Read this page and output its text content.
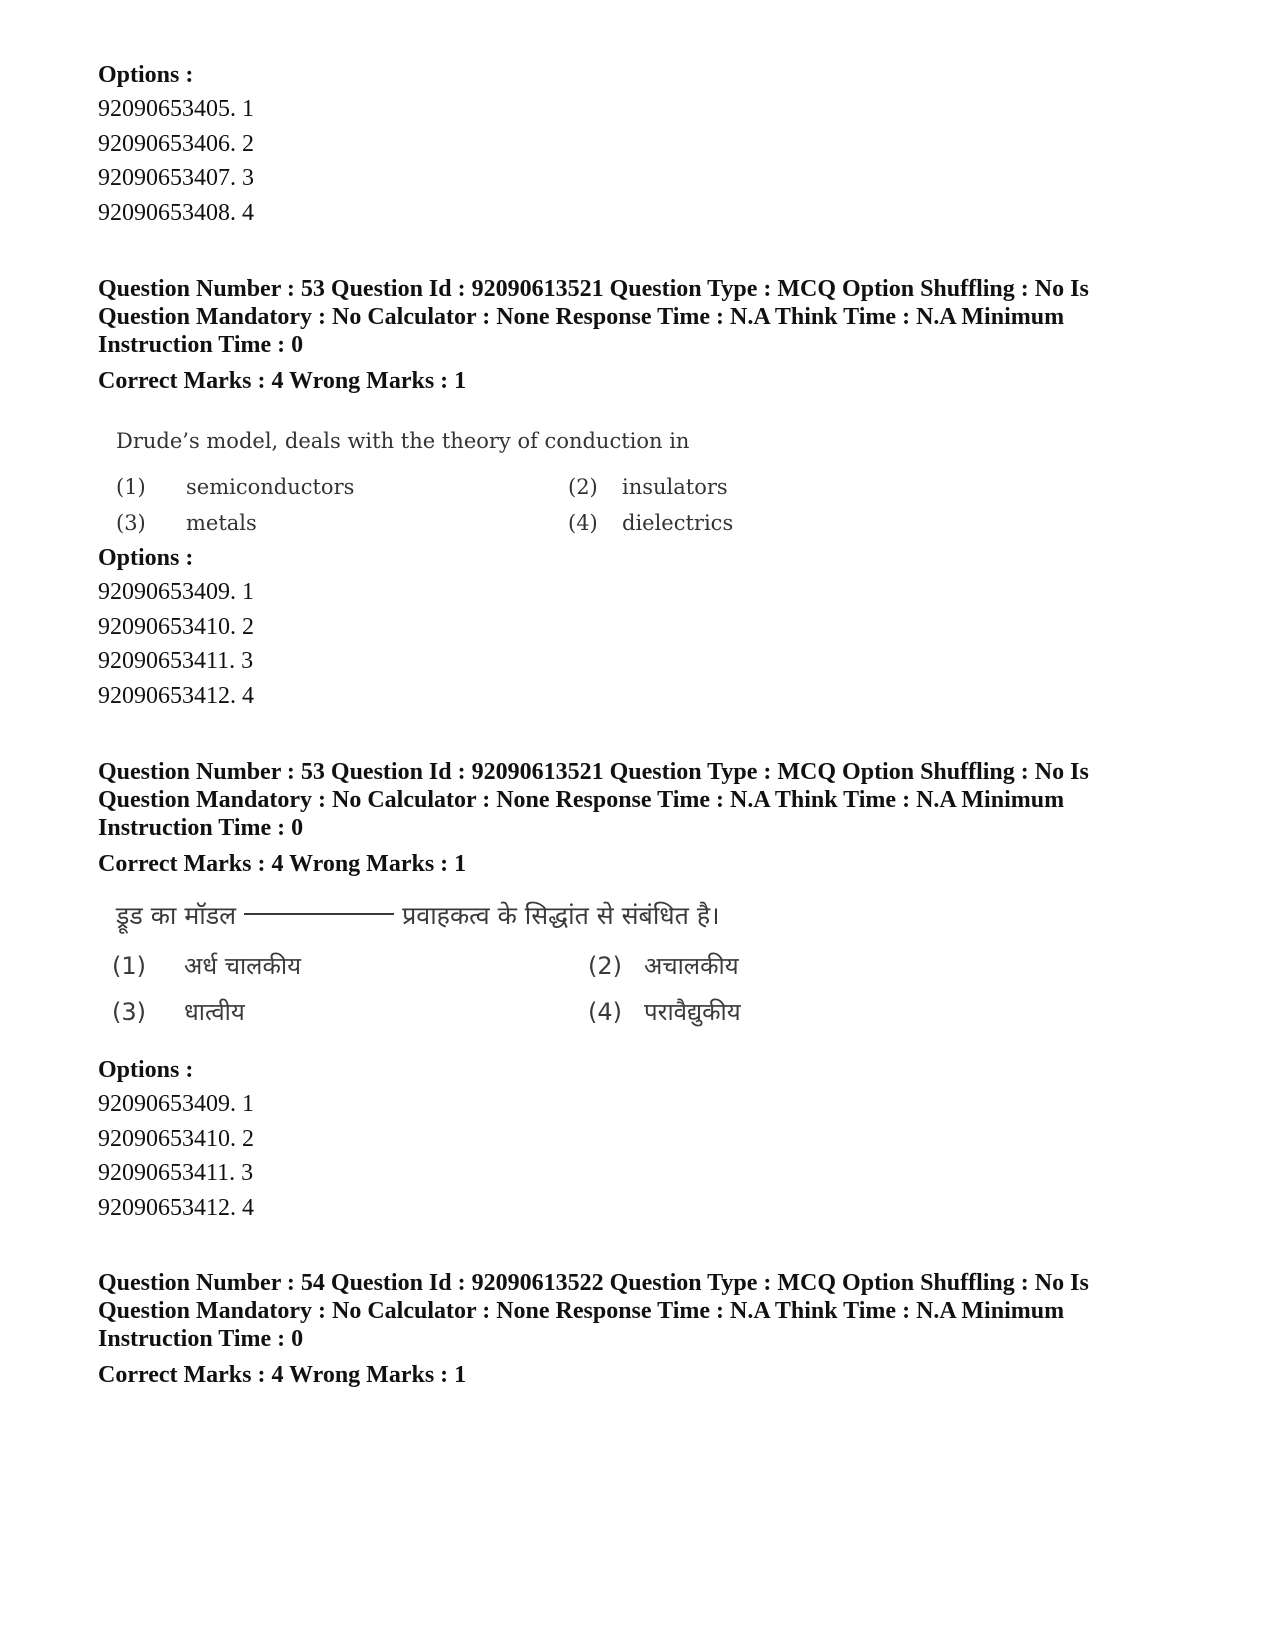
Options :

92090653405. 1

92090653406. 2

92090653407. 3

92090653408. 4

Question Number : 53 Question Id : 92090613521 Question Type : MCQ Option Shuffling : No Is Question Mandatory : No Calculator : None Response Time : N.A Think Time : N.A Minimum Instruction Time : 0

Correct Marks : 4 Wrong Marks : 1

Drude’s model, deals with the theory of conduction in

(1) semiconductors	(2) insulators
(3) metals	(4) dielectrics

Options :

92090653409. 1

92090653410. 2

92090653411. 3

92090653412. 4

Question Number : 53 Question Id : 92090613521 Question Type : MCQ Option Shuffling : No Is Question Mandatory : No Calculator : None Response Time : N.A Think Time : N.A Minimum Instruction Time : 0

Correct Marks : 4 Wrong Marks : 1

ड्रूड का मॉडल	प्रवाहकत्व के सिद्धांत से संबंधित है।

(1) अर्ध चालकीय	(2) अचालकीय
(3) धात्वीय	(4) परावैद्युकीय

Options :

92090653409. 1

92090653410. 2

92090653411. 3

92090653412. 4

Question Number : 54 Question Id : 92090613522 Question Type : MCQ Option Shuffling : No Is Question Mandatory : No Calculator : None Response Time : N.A Think Time : N.A Minimum Instruction Time : 0

Correct Marks : 4 Wrong Marks : 1
